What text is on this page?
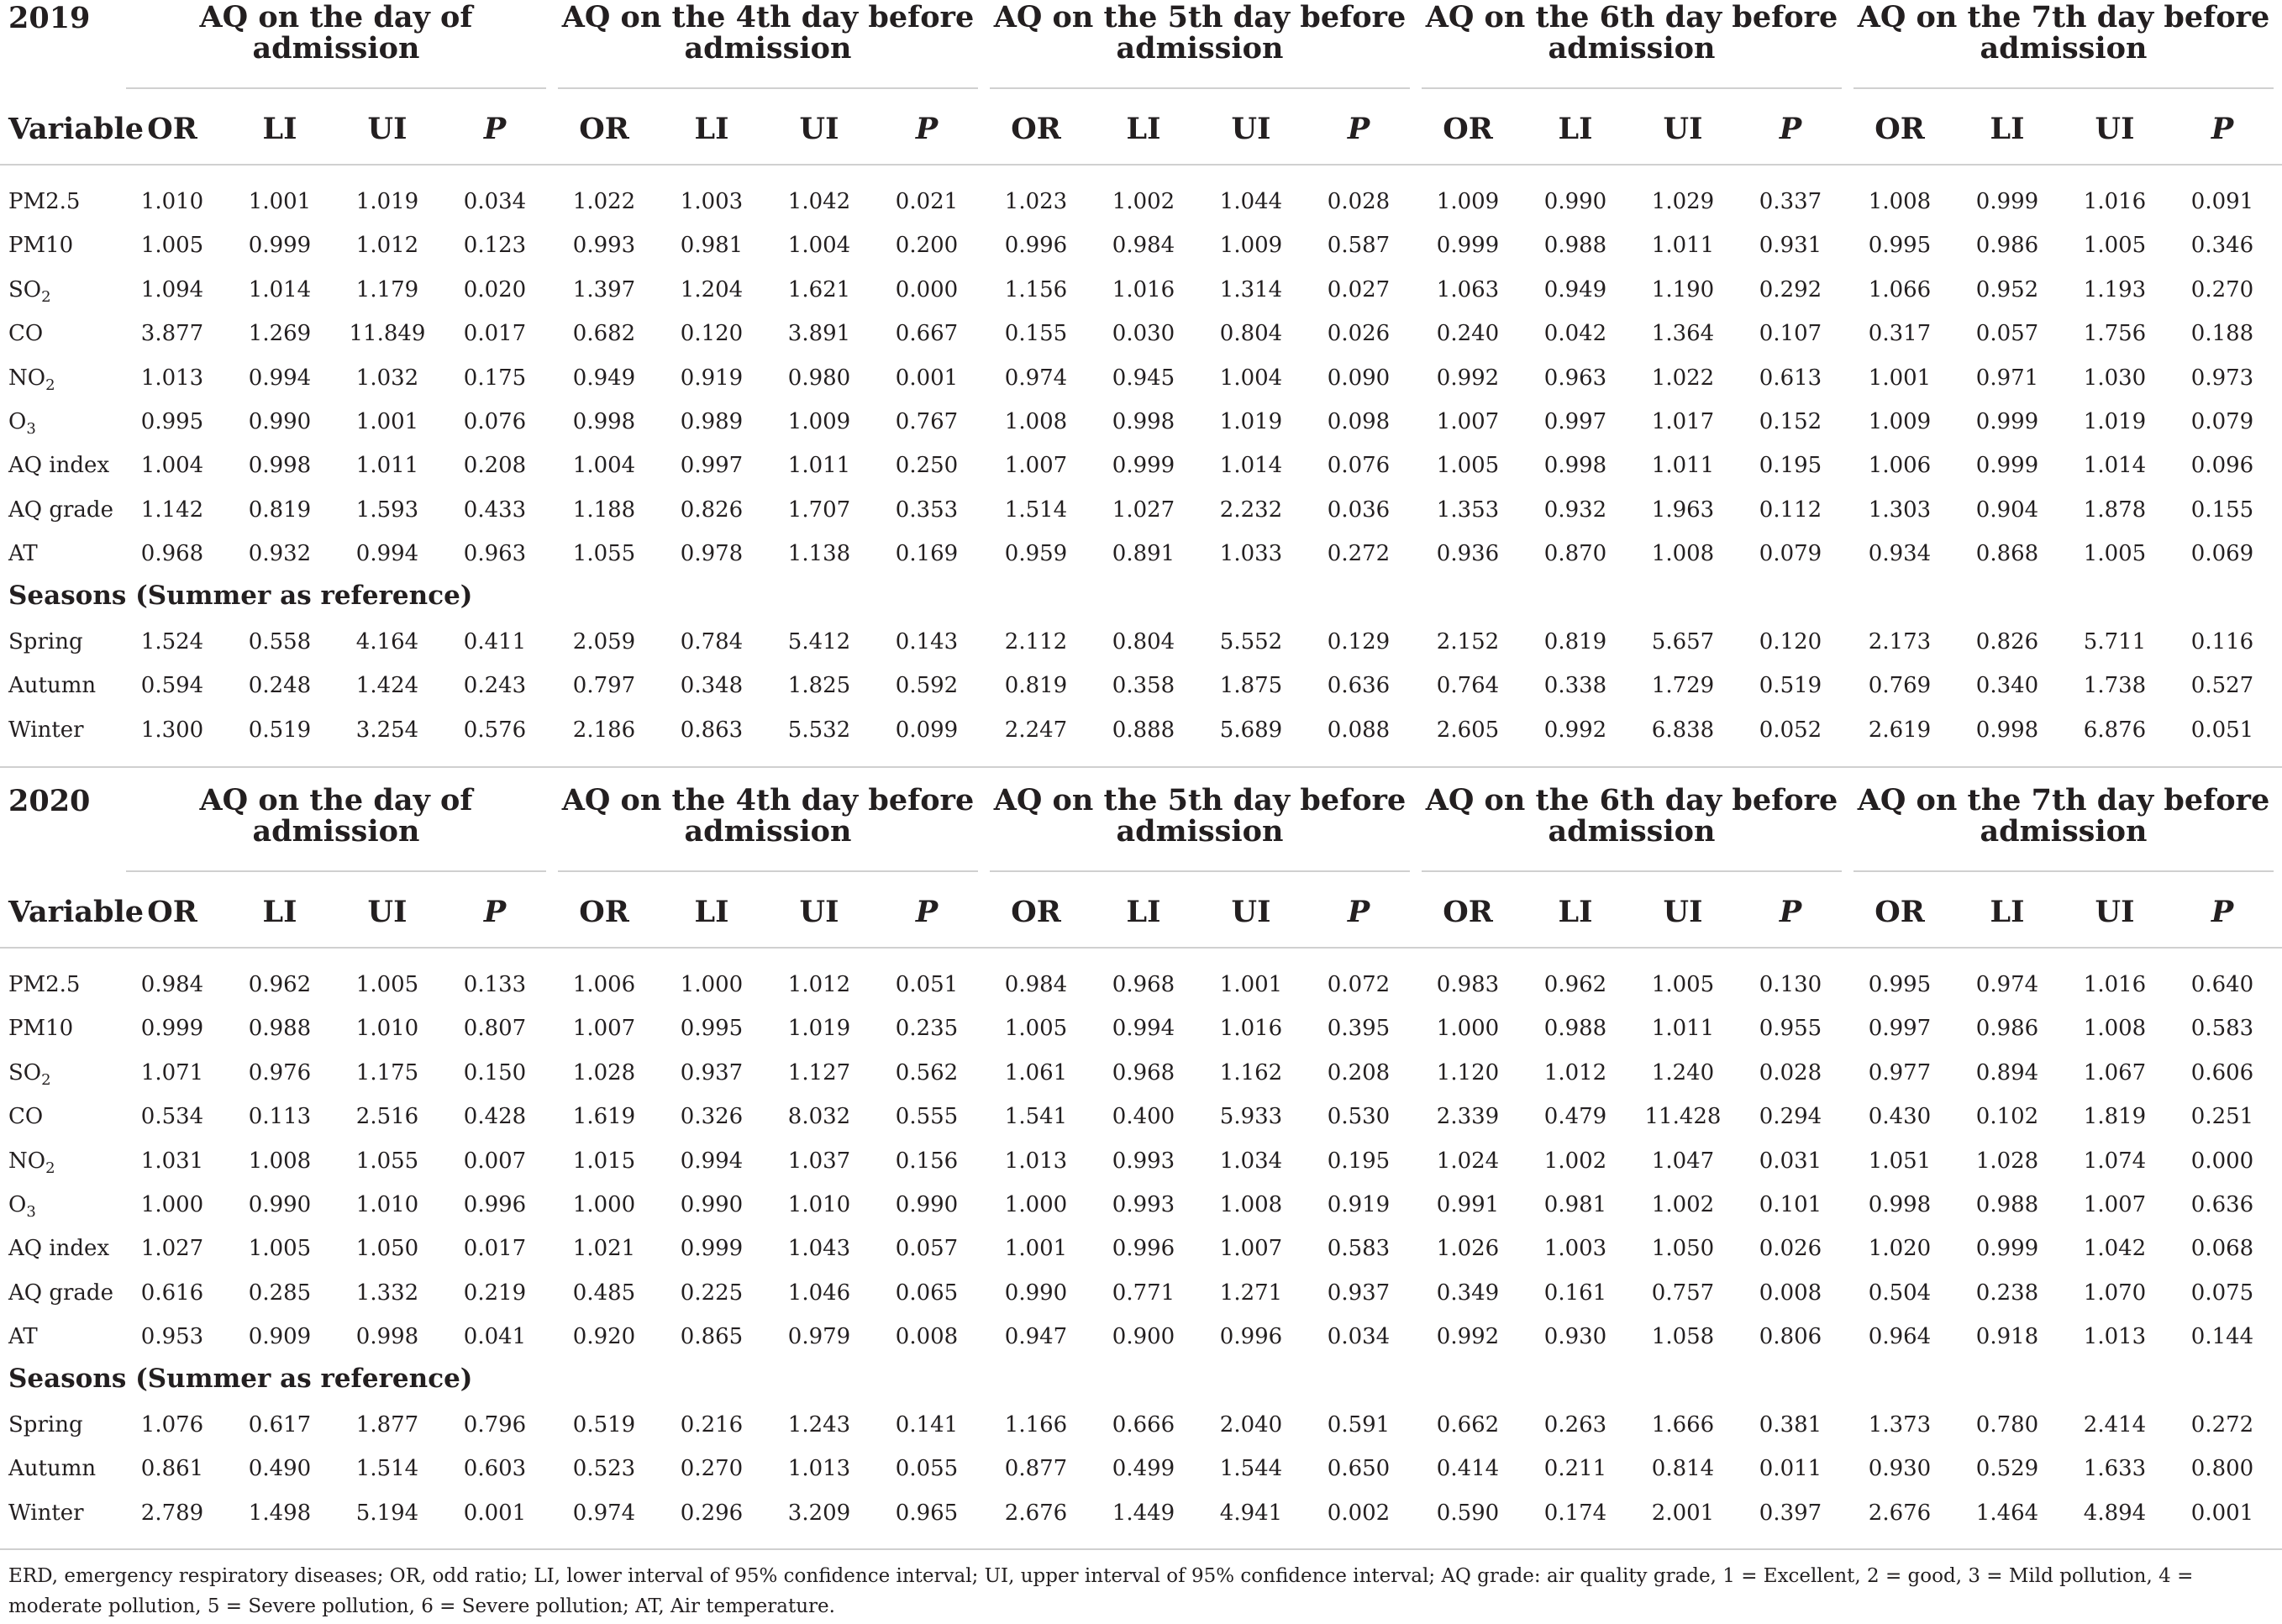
2019	AQ on the day of admission
AQ on the 4th day before admission
AQ on the 5th day before admission
AQ on the 6th day before admission
AQ on the 7th day before admission
Variable OR	LI	UI	P	OR	LI	UI	P	OR	LI	UI	P	OR	LI	UI	P	OR	LI	UI	P
PM2.5	1.010	1.001	1.019	0.034	1.022	1.003	1.042	0.021	1.023	1.002	1.044	0.028	1.009	0.990	1.029	0.337	1.008	0.999	1.016	0.091
PM10	1.005	0.999	1.012	0.123	0.993	0.981	1.004	0.200	0.996	0.984	1.009	0.587	0.999	0.988	1.011	0.931	0.995	0.986	1.005	0.346
$SO_2$	1.094	1.014	1.179	0.020	1.397	1.204	1.621	0.000	1.156	1.016	1.314	0.027	1.063	0.949	1.190	0.292	1.066	0.952	1.193	0.270
CO	3.877	1.269	11.849	0.017	0.682	0.120	3.891	0.667	0.155	0.030	0.804	0.026	0.240	0.042	1.364	0.107	0.317	0.057	1.756	0.188
$NO_2$	1.013	0.994	1.032	0.175	0.949	0.919	0.980	0.001	0.974	0.945	1.004	0.090	0.992	0.963	1.022	0.613	1.001	0.971	1.030	0.973
$O_3$	0.995	0.990	1.001	0.076	0.998	0.989	1.009	0.767	1.008	0.998	1.019	0.098	1.007	0.997	1.017	0.152	1.009	0.999	1.019	0.079
AQ index	1.004	0.998	1.011	0.208	1.004	0.997	1.011	0.250	1.007	0.999	1.014	0.076	1.005	0.998	1.011	0.195	1.006	0.999	1.014	0.096
AQ grade	1.142	0.819	1.593	0.433	1.188	0.826	1.707	0.353	1.514	1.027	2.232	0.036	1.353	0.932	1.963	0.112	1.303	0.904	1.878	0.155
AT	0.968	0.932	0.994	0.963	1.055	0.978	1.138	0.169	0.959	0.891	1.033	0.272	0.936	0.870	1.008	0.079	0.934	0.868	1.005	0.069
Seasons (Summer as reference)
Spring	1.524	0.558	4.164	0.411	2.059	0.784	5.412	0.143	2.112	0.804	5.552	0.129	2.152	0.819	5.657	0.120	2.173	0.826	5.711	0.116
Autumn	0.594	0.248	1.424	0.243	0.797	0.348	1.825	0.592	0.819	0.358	1.875	0.636	0.764	0.338	1.729	0.519	0.769	0.340	1.738	0.527
Winter	1.300	0.519	3.254	0.576	2.186	0.863	5.532	0.099	2.247	0.888	5.689	0.088	2.605	0.992	6.838	0.052	2.619	0.998	6.876	0.051
2020	AQ on the day of admission
AQ on the 4th day before admission
AQ on the 5th day before admission
AQ on the 6th day before admission
AQ on the 7th day before admission
Variable OR	LI	UI	P	OR	LI	UI	P	OR	LI	UI	P	OR	LI	UI	P	OR	LI	UI	P
PM2.5	0.984	0.962	1.005	0.133	1.006	1.000	1.012	0.051	0.984	0.968	1.001	0.072	0.983	0.962	1.005	0.130	0.995	0.974	1.016	0.640
PM10	0.999	0.988	1.010	0.807	1.007	0.995	1.019	0.235	1.005	0.994	1.016	0.395	1.000	0.988	1.011	0.955	0.997	0.986	1.008	0.583
$SO_2$	1.071	0.976	1.175	0.150	1.028	0.937	1.127	0.562	1.061	0.968	1.162	0.208	1.120	1.012	1.240	0.028	0.977	0.894	1.067	0.606
CO	0.534	0.113	2.516	0.428	1.619	0.326	8.032	0.555	1.541	0.400	5.933	0.530	2.339	0.479	11.428	0.294	0.430	0.102	1.819	0.251
$NO_2$	1.031	1.008	1.055	0.007	1.015	0.994	1.037	0.156	1.013	0.993	1.034	0.195	1.024	1.002	1.047	0.031	1.051	1.028	1.074	0.000
$O_3$	1.000	0.990	1.010	0.996	1.000	0.990	1.010	0.990	1.000	0.993	1.008	0.919	0.991	0.981	1.002	0.101	0.998	0.988	1.007	0.636
AQ index	1.027	1.005	1.050	0.017	1.021	0.999	1.043	0.057	1.001	0.996	1.007	0.583	1.026	1.003	1.050	0.026	1.020	0.999	1.042	0.068
AQ grade	0.616	0.285	1.332	0.219	0.485	0.225	1.046	0.065	0.990	0.771	1.271	0.937	0.349	0.161	0.757	0.008	0.504	0.238	1.070	0.075
AT	0.953	0.909	0.998	0.041	0.920	0.865	0.979	0.008	0.947	0.900	0.996	0.034	0.992	0.930	1.058	0.806	0.964	0.918	1.013	0.144
Seasons (Summer as reference)
Spring	1.076	0.617	1.877	0.796	0.519	0.216	1.243	0.141	1.166	0.666	2.040	0.591	0.662	0.263	1.666	0.381	1.373	0.780	2.414	0.272
Autumn	0.861	0.490	1.514	0.603	0.523	0.270	1.013	0.055	0.877	0.499	1.544	0.650	0.414	0.211	0.814	0.011	0.930	0.529	1.633	0.800
Winter	2.789	1.498	5.194	0.001	0.974	0.296	3.209	0.965	2.676	1.449	4.941	0.002	0.590	0.174	2.001	0.397	2.676	1.464	4.894	0.001
ERD, emergency respiratory diseases; OR, odd ratio; LI, lower interval of 95% confidence interval; UI, upper interval of 95% confidence interval; AQ grade: air quality grade, 1 = Excellent, 2 = good, 3 = Mild pollution, 4 = moderate pollution, 5 = Severe pollution, 6 = Severe pollution; AT, Air temperature.
